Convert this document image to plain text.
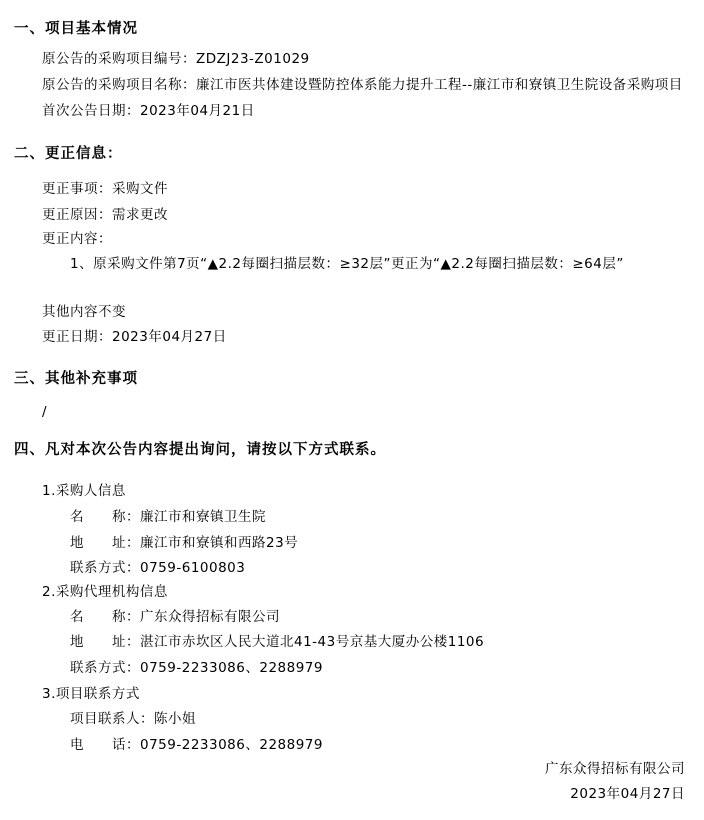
一、项目基本情况
原公告的采购项目编号：ZDZJ23-Z01029
原公告的采购项目名称：廉江市医共体建设暨防控体系能力提升工程--廉江市和寮镇卫生院设备采购项目
首次公告日期：2023年04月21日
二、更正信息：
更正事项：采购文件
更正原因：需求更改
更正内容：
1、原采购文件第7页“▲2.2每圈扫描层数：≥32层”更正为“▲2.2每圈扫描层数：≥64层”
其他内容不变
更正日期：2023年04月27日
三、其他补充事项
/
四、凡对本次公告内容提出询问，请按以下方式联系。
1.采购人信息
名　　称：廉江市和寮镇卫生院
地　　址：廉江市和寮镇和西路23号
联系方式：0759-6100803
2.采购代理机构信息
名　　称：广东众得招标有限公司
地　　址：湛江市赤坎区人民大道北41-43号京基大厦办公楼1106
联系方式：0759-2233086、2288979
3.项目联系方式
项目联系人：陈小姐
电　　话：0759-2233086、2288979
广东众得招标有限公司
2023年04月27日
